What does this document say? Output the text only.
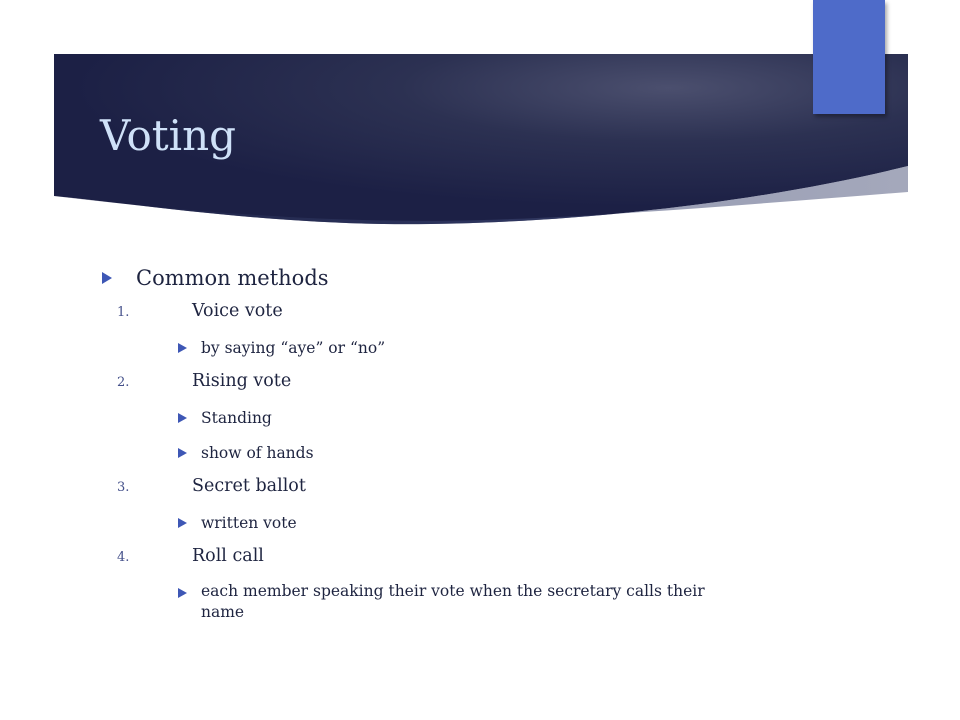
Voting
Common methods
1.	Voice vote
by saying “aye” or “no”
2.	Rising vote
Standing
show of hands
3.	Secret ballot
written vote
4.	Roll call
each member speaking their vote when the secretary calls their name
